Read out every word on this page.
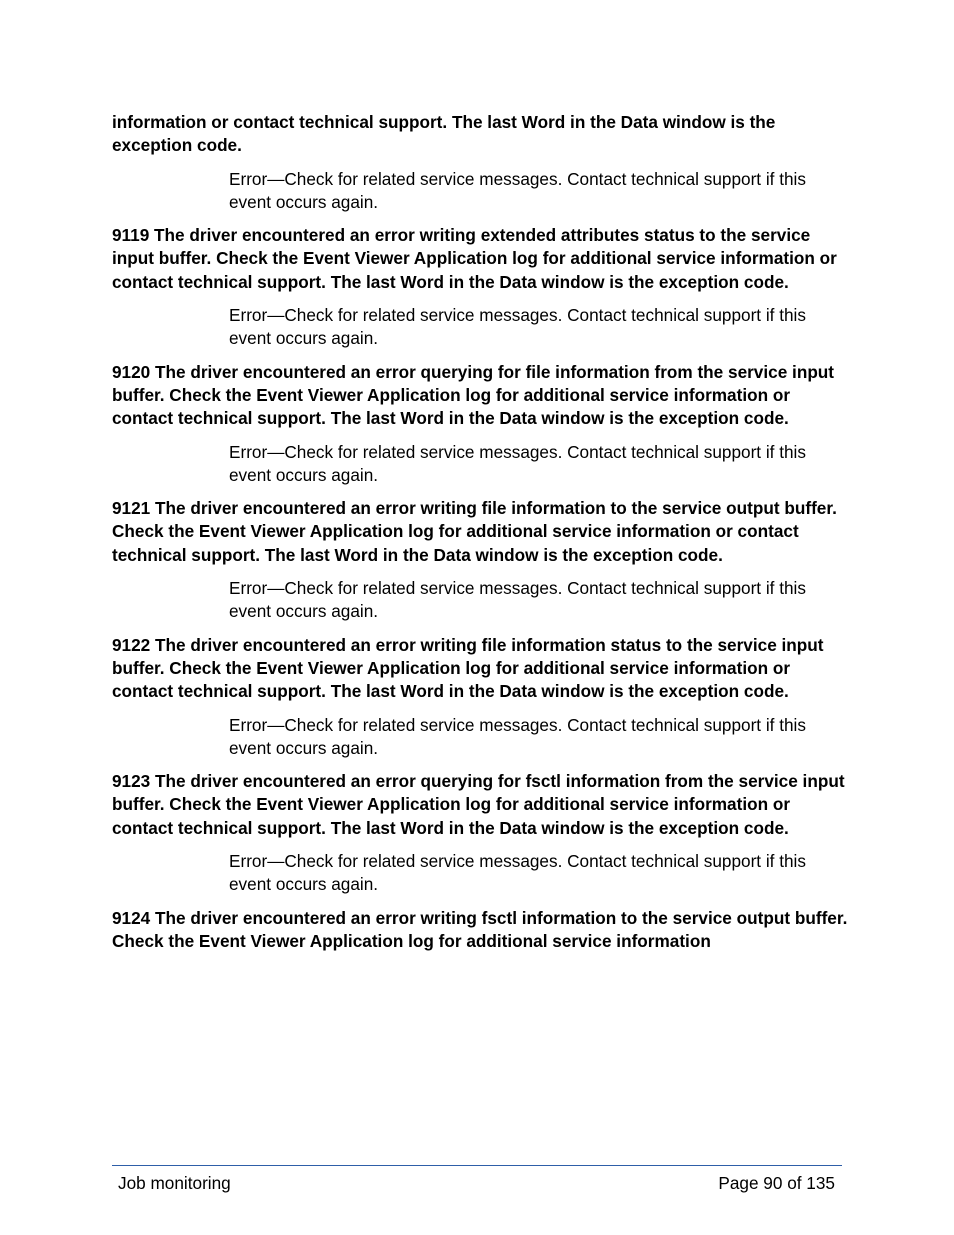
information or contact technical support. The last Word in the Data window is the exception code.

Error—Check for related service messages. Contact technical support if this event occurs again.

9119 The driver encountered an error writing extended attributes status to the service input buffer. Check the Event Viewer Application log for additional service information or contact technical support. The last Word in the Data window is the exception code.

Error—Check for related service messages. Contact technical support if this event occurs again.

9120 The driver encountered an error querying for file information from the service input buffer. Check the Event Viewer Application log for additional service information or contact technical support. The last Word in the Data window is the exception code.

Error—Check for related service messages. Contact technical support if this event occurs again.

9121 The driver encountered an error writing file information to the service output buffer. Check the Event Viewer Application log for additional service information or contact technical support. The last Word in the Data window is the exception code.

Error—Check for related service messages. Contact technical support if this event occurs again.

9122 The driver encountered an error writing file information status to the service input buffer. Check the Event Viewer Application log for additional service information or contact technical support. The last Word in the Data window is the exception code.

Error—Check for related service messages. Contact technical support if this event occurs again.

9123 The driver encountered an error querying for fsctl information from the service input buffer. Check the Event Viewer Application log for additional service information or contact technical support. The last Word in the Data window is the exception code.

Error—Check for related service messages. Contact technical support if this event occurs again.

9124 The driver encountered an error writing fsctl information to the service output buffer. Check the Event Viewer Application log for additional service information

Job monitoring	Page 90 of 135
